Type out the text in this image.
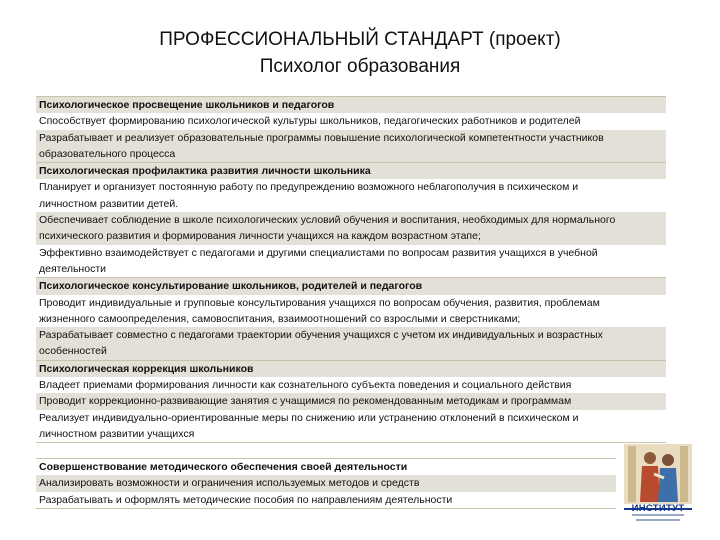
ПРОФЕССИОНАЛЬНЫЙ СТАНДАРТ (проект)
Психолог образования
Психологическое просвещение школьников и педагогов
Способствует формированию психологической культуры школьников, педагогических работников и родителей
Разрабатывает и реализует образовательные программы повышение психологической компетентности участников
образовательного процесса
Психологическая профилактика развития личности школьника
Планирует и организует постоянную работу по предупреждению возможного неблагополучия в психическом и
личностном развитии детей.
Обеспечивает соблюдение в школе психологических условий обучения и воспитания, необходимых для нормального
психического развития и формирования личности учащихся на каждом возрастном этапе;
Эффективно взаимодействует с педагогами и другими специалистами по вопросам развития учащихся в учебной
деятельности
Психологическое консультирование школьников, родителей и педагогов
Проводит индивидуальные и групповые консультирования учащихся по вопросам обучения, развития, проблемам
жизненного самоопределения, самовоспитания, взаимоотношений со взрослыми и сверстниками;
Разрабатывает совместно с педагогами траектории обучения учащихся с учетом их индивидуальных и возрастных
особенностей
Психологическая коррекция школьников
Владеет приемами формирования личности как сознательного субъекта поведения и социального действия
Проводит коррекционно-развивающие занятия с учащимися по рекомендованным методикам и программам
Реализует индивидуально-ориентированные меры по снижению или устранению отклонений в психическом и
личностном развитии учащихся
Совершенствование методического обеспечения своей деятельности
Анализировать возможности и ограничения используемых методов и средств
Разрабатывать и оформлять методические пособия по направлениям деятельности
ИНСТИТУТ
